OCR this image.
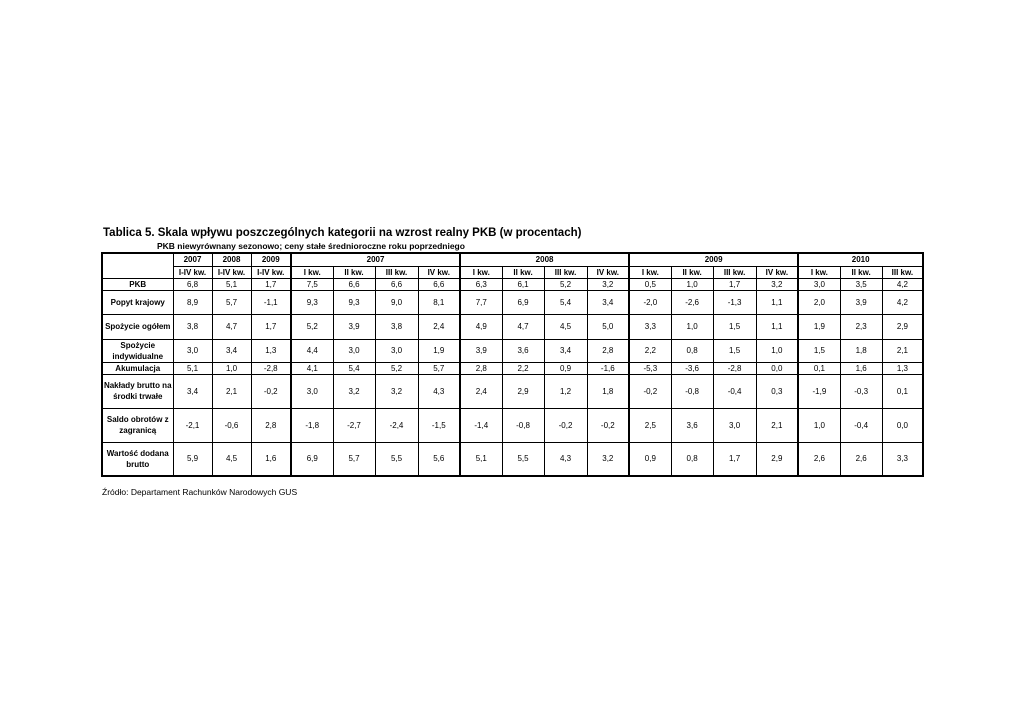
Tablica 5. Skala wpływu poszczególnych kategorii na wzrost realny PKB (w procentach)
PKB niewyrównany sezonowo; ceny stałe średnioroczne roku poprzedniego
	2007	2008	2009	2007				2008				2009				2010		
	I-IV kw.	I-IV kw.	I-IV kw.	I kw.	II kw.	III kw.	IV kw.	I kw.	II kw.	III kw.	IV kw.	I kw.	II kw.	III kw.	IV kw.	I kw.	II kw.	III kw.
PKB	6,8	5,1	1,7	7,5	6,6	6,6	6,6	6,3	6,1	5,2	3,2	0,5	1,0	1,7	3,2	3,0	3,5	4,2
Popyt krajowy	8,9	5,7	-1,1	9,3	9,3	9,0	8,1	7,7	6,9	5,4	3,4	-2,0	-2,6	-1,3	1,1	2,0	3,9	4,2
Spożycie ogółem	3,8	4,7	1,7	5,2	3,9	3,8	2,4	4,9	4,7	4,5	5,0	3,3	1,0	1,5	1,1	1,9	2,3	2,9
Spożycie indywidualne	3,0	3,4	1,3	4,4	3,0	3,0	1,9	3,9	3,6	3,4	2,8	2,2	0,8	1,5	1,0	1,5	1,8	2,1
Akumulacja	5,1	1,0	-2,8	4,1	5,4	5,2	5,7	2,8	2,2	0,9	-1,6	-5,3	-3,6	-2,8	0,0	0,1	1,6	1,3
Nakłady brutto na środki trwałe	3,4	2,1	-0,2	3,0	3,2	3,2	4,3	2,4	2,9	1,2	1,8	-0,2	-0,8	-0,4	0,3	-1,9	-0,3	0,1
Saldo obrotów z zagranicą	-2,1	-0,6	2,8	-1,8	-2,7	-2,4	-1,5	-1,4	-0,8	-0,2	-0,2	2,5	3,6	3,0	2,1	1,0	-0,4	0,0
Wartość dodana brutto	5,9	4,5	1,6	6,9	5,7	5,5	5,6	5,1	5,5	4,3	3,2	0,9	0,8	1,7	2,9	2,6	2,6	3,3
Źródło: Departament Rachunków Narodowych GUS
